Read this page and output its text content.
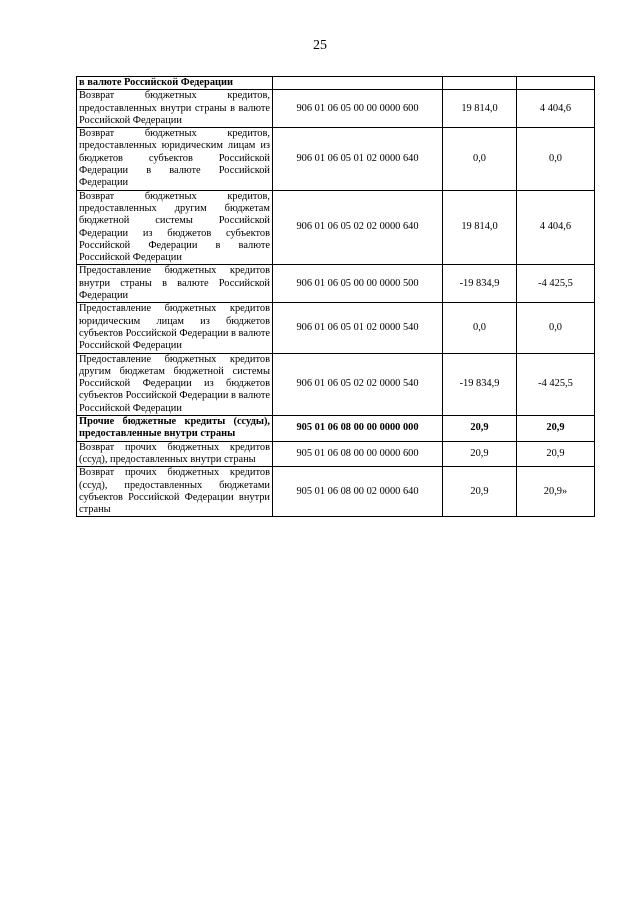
25
в валюте Российской Федерации			
Возврат бюджетных кредитов, предоставленных внутри страны в валюте Российской Федерации	906 01 06 05 00 00 0000 600	19 814,0	4 404,6
Возврат бюджетных кредитов, предоставленных юридическим лицам из бюджетов субъектов Российской Федерации в валюте Российской Федерации	906 01 06 05 01 02 0000 640	0,0	0,0
Возврат бюджетных кредитов, предоставленных другим бюджетам бюджетной системы Российской Федерации из бюджетов субъектов Российской Федерации в валюте Российской Федерации	906 01 06 05 02 02 0000 640	19 814,0	4 404,6
Предоставление бюджетных кредитов внутри страны в валюте Российской Федерации	906 01 06 05 00 00 0000 500	-19 834,9	-4 425,5
Предоставление бюджетных кредитов юридическим лицам из бюджетов субъектов Российской Федерации в валюте Российской Федерации	906 01 06 05 01 02 0000 540	0,0	0,0
Предоставление бюджетных кредитов другим бюджетам бюджетной системы Российской Федерации из бюджетов субъектов Российской Федерации в валюте Российской Федерации	906 01 06 05 02 02 0000 540	-19 834,9	-4 425,5
Прочие бюджетные кредиты (ссуды), предоставленные внутри страны	905 01 06 08 00 00 0000 000	20,9	20,9
Возврат прочих бюджетных кредитов (ссуд), предоставленных внутри страны	905 01 06 08 00 00 0000 600	20,9	20,9
Возврат прочих бюджетных кредитов (ссуд), предоставленных бюджетами субъектов Российской Федерации внутри страны	905 01 06 08 00 02 0000 640	20,9	20,9»
